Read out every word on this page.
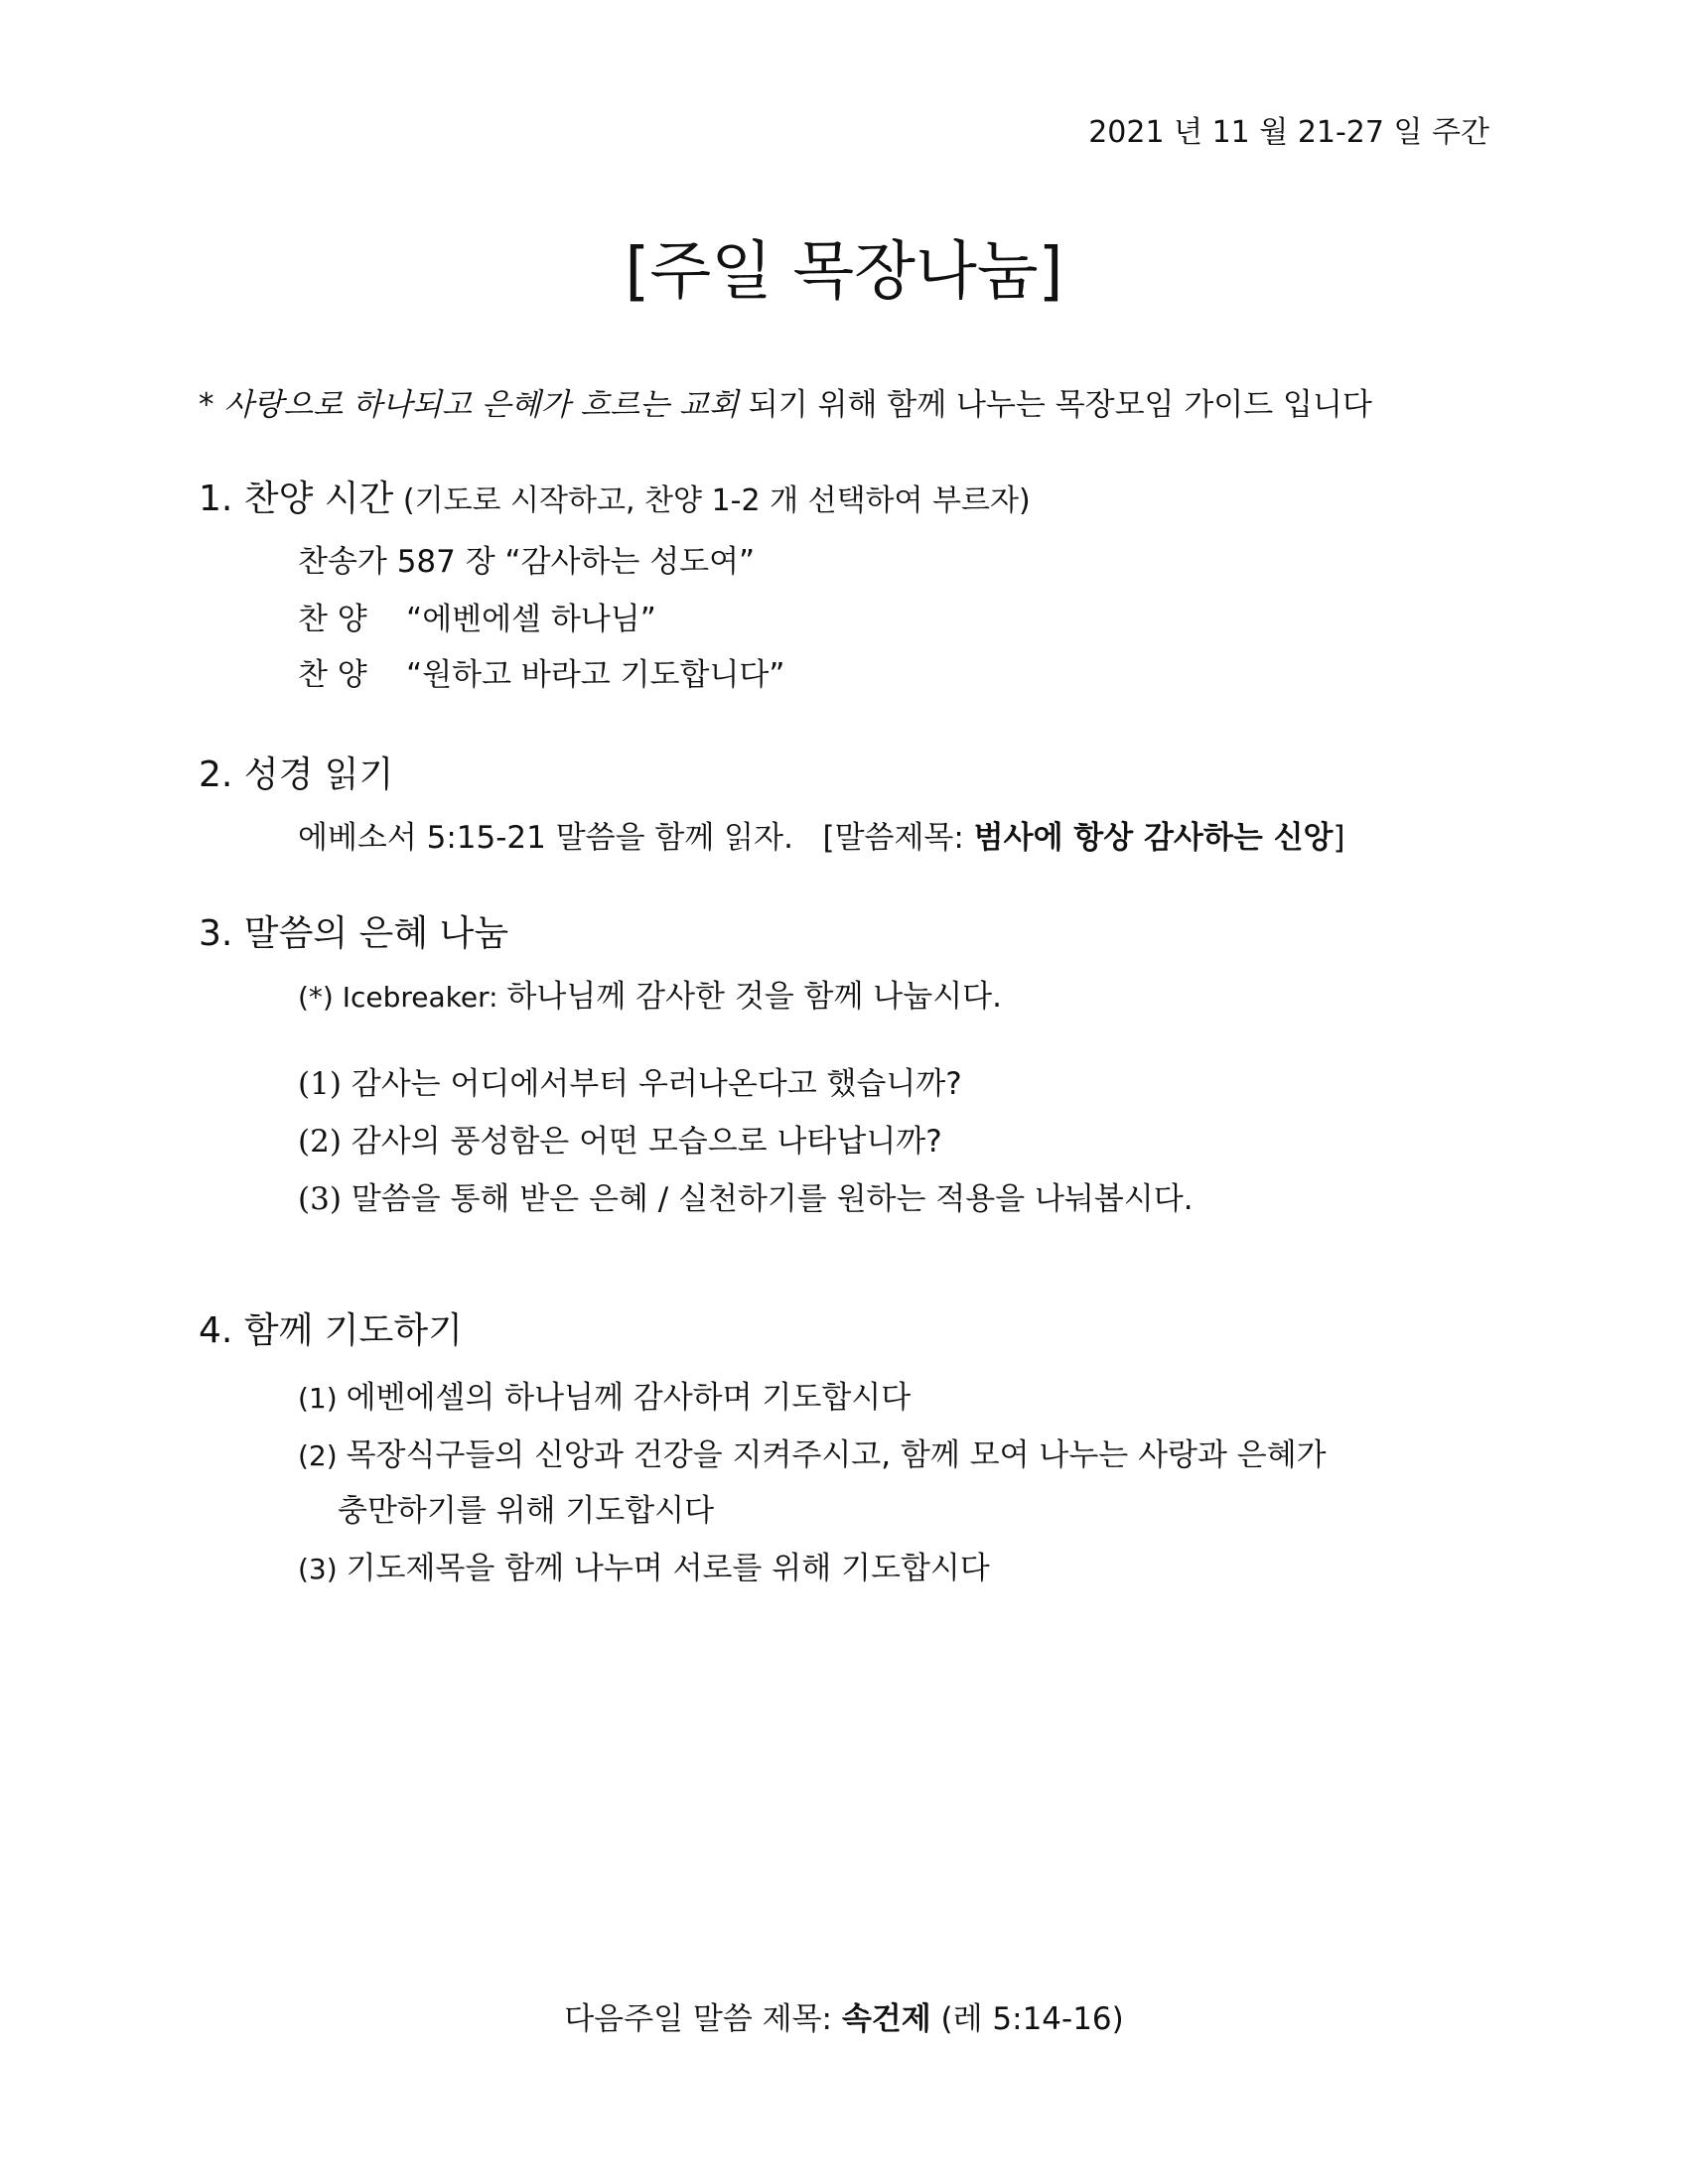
2021 년 11 월 21-27 일 주간
[주일 목장나눔]
* 사랑으로 하나되고 은혜가 흐르는 교회 되기 위해 함께 나누는 목장모임 가이드 입니다
1. 찬양 시간 (기도로 시작하고, 찬양 1-2 개 선택하여 부르자)
찬송가 587 장 “감사하는 성도여”
찬 양    “에벤에셀 하나님”
찬 양    “원하고 바라고 기도합니다”
2. 성경 읽기
에베소서 5:15-21 말씀을 함께 읽자.   [말씀제목: 범사에 항상 감사하는 신앙]
3. 말씀의 은혜 나눔
(*) Icebreaker: 하나님께 감사한 것을 함께 나눕시다.
(1) 감사는 어디에서부터 우러나온다고 했습니까?
(2) 감사의 풍성함은 어떤 모습으로 나타납니까?
(3) 말씀을 통해 받은 은혜 / 실천하기를 원하는 적용을 나눠봅시다.
4. 함께 기도하기
(1) 에벤에셀의 하나님께 감사하며 기도합시다
(2) 목장식구들의 신앙과 건강을 지켜주시고, 함께 모여 나누는 사랑과 은혜가
충만하기를 위해 기도합시다
(3) 기도제목을 함께 나누며 서로를 위해 기도합시다
다음주일 말씀 제목: 속건제 (레 5:14-16)
